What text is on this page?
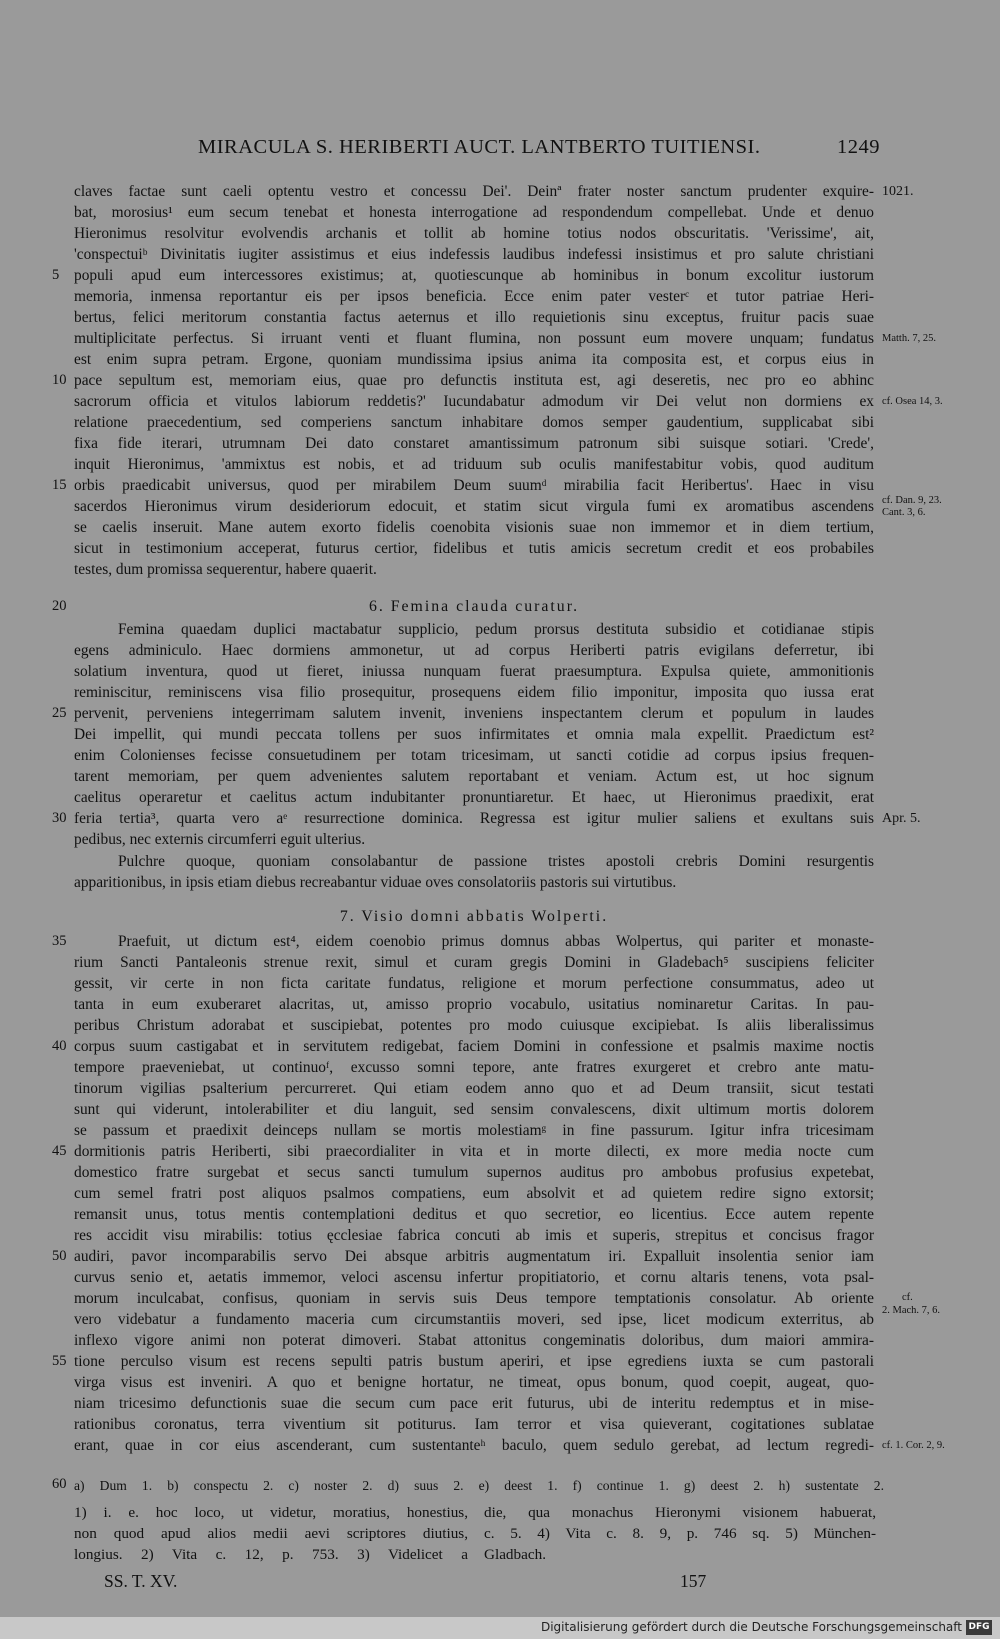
MIRACULA S. HERIBERTI AUCT. LANTBERTO TUITIENSI.	1249
claves factae sunt caeli optentu vestro et concessu Dei'. Deinª frater noster sanctum prudenter exquire-
bat, morosius¹ eum secum tenebat et honesta interrogatione ad respondendum compellebat. Unde et denuo
Hieronimus resolvitur evolvendis archanis et tollit ab homine totius nodos obscuritatis. 'Verissime', ait,
'conspectuiᵇ Divinitatis iugiter assistimus et eius indefessis laudibus indefessi insistimus et pro salute christiani
populi apud eum intercessores existimus; at, quotiescunque ab hominibus in bonum excolitur iustorum
memoria, inmensa reportantur eis per ipsos beneficia. Ecce enim pater vesterᶜ et tutor patriae Heri-
bertus, felici meritorum constantia factus aeternus et illo requietionis sinu exceptus, fruitur pacis suae
multiplicitate perfectus. Si irruant venti et fluant flumina, non possunt eum movere unquam; fundatus
est enim supra petram. Ergone, quoniam mundissima ipsius anima ita composita est, et corpus eius in
pace sepultum est, memoriam eius, quae pro defunctis instituta est, agi deseretis, nec pro eo abhinc
sacrorum officia et vitulos labiorum reddetis?' Iucundabatur admodum vir Dei velut non dormiens ex
relatione praecedentium, sed comperiens sanctum inhabitare domos semper gaudentium, supplicabat sibi
fixa fide iterari, utrumnam Dei dato constaret amantissimum patronum sibi suisque sotiari. 'Crede',
inquit Hieronimus, 'ammixtus est nobis, et ad triduum sub oculis manifestabitur vobis, quod auditum
orbis praedicabit universus, quod per mirabilem Deum suumᵈ mirabilia facit Heribertus'. Haec in visu
sacerdos Hieronimus virum desideriorum edocuit, et statim sicut virgula fumi ex aromatibus ascendens
se caelis inseruit. Mane autem exorto fidelis coenobita visionis suae non immemor et in diem tertium,
sicut in testimonium acceperat, futurus certior, fidelibus et tutis amicis secretum credit et eos probabiles
testes, dum promissa sequerentur, habere quaerit.
6. Femina clauda curatur.
Femina quaedam duplici mactabatur supplicio, pedum prorsus destituta subsidio et cotidianae stipis
egens adminiculo. Haec dormiens ammonetur, ut ad corpus Heriberti patris evigilans deferretur, ibi
solatium inventura, quod ut fieret, iniussa nunquam fuerat praesumptura. Expulsa quiete, ammonitionis
reminiscitur, reminiscens visa filio prosequitur, prosequens eidem filio imponitur, imposita quo iussa erat
pervenit, perveniens integerrimam salutem invenit, inveniens inspectantem clerum et populum in laudes
Dei impellit, qui mundi peccata tollens per suos infirmitates et omnia mala expellit. Praedictum est²
enim Colonienses fecisse consuetudinem per totam tricesimam, ut sancti cotidie ad corpus ipsius frequen-
tarent memoriam, per quem advenientes salutem reportabant et veniam. Actum est, ut hoc signum
caelitus operaretur et caelitus actum indubitanter pronuntiaretur. Et haec, ut Hieronimus praedixit, erat
feria tertia³, quarta vero aᵉ resurrectione dominica. Regressa est igitur mulier saliens et exultans suis
pedibus, nec externis circumferri eguit ulterius.
Pulchre quoque, quoniam consolabantur de passione tristes apostoli crebris Domini resurgentis
apparitionibus, in ipsis etiam diebus recreabantur viduae oves consolatoriis pastoris sui virtutibus.
7. Visio domni abbatis Wolperti.
Praefuit, ut dictum est⁴, eidem coenobio primus domnus abbas Wolpertus, qui pariter et monaste-
rium Sancti Pantaleonis strenue rexit, simul et curam gregis Domini in Gladebach⁵ suscipiens feliciter
gessit, vir certe in non ficta caritate fundatus, religione et morum perfectione consummatus, adeo ut
tanta in eum exuberaret alacritas, ut, amisso proprio vocabulo, usitatius nominaretur Caritas. In pau-
peribus Christum adorabat et suscipiebat, potentes pro modo cuiusque excipiebat. Is aliis liberalissimus
corpus suum castigabat et in servitutem redigebat, faciem Domini in confessione et psalmis maxime noctis
tempore praeveniebat, ut continuoᶠ, excusso somni tepore, ante fratres exurgeret et crebro ante matu-
tinorum vigilias psalterium percurreret. Qui etiam eodem anno quo et ad Deum transiit, sicut testati
sunt qui viderunt, intolerabiliter et diu languit, sed sensim convalescens, dixit ultimum mortis dolorem
se passum et praedixit deinceps nullam se mortis molestiamᵍ in fine passurum. Igitur infra tricesimam
dormitionis patris Heriberti, sibi praecordialiter in vita et in morte dilecti, ex more media nocte cum
domestico fratre surgebat et secus sancti tumulum supernos auditus pro ambobus profusius expetebat,
cum semel fratri post aliquos psalmos compatiens, eum absolvit et ad quietem redire signo extorsit;
remansit unus, totus mentis contemplationi deditus et quo secretior, eo licentius. Ecce autem repente
res accidit visu mirabilis: totius ęcclesiae fabrica concuti ab imis et superis, strepitus et concisus fragor
audiri, pavor incomparabilis servo Dei absque arbitris augmentatum iri. Expalluit insolentia senior iam
curvus senio et, aetatis immemor, veloci ascensu infertur propitiatorio, et cornu altaris tenens, vota psal-
morum inculcabat, confisus, quoniam in servis suis Deus tempore temptationis consolatur. Ab oriente
vero videbatur a fundamento maceria cum circumstantiis moveri, sed ipse, licet modicum exterritus, ab
inflexo vigore animi non poterat dimoveri. Stabat attonitus congeminatis doloribus, dum maiori ammira-
tione perculso visum est recens sepulti patris bustum aperiri, et ipse egrediens iuxta se cum pastorali
virga visus est inveniri. A quo et benigne hortatur, ne timeat, opus bonum, quod coepit, augeat, quo-
niam tricesimo defunctionis suae die secum cum pace erit futurus, ubi de interitu redemptus et in mise-
rationibus coronatus, terra viventium sit potiturus. Iam terror et visa quieverant, cogitationes sublatae
erant, quae in cor eius ascenderant, cum sustentanteʰ baculo, quem sedulo gerebat, ad lectum regredi-
5
10
15
20
25
30
35
40
45
50
55
60
1021.
Matth. 7, 25.
cf. Osea 14, 3.
cf. Dan. 9, 23.
Cant. 3, 6.
Apr. 5.
cf.
2. Mach. 7, 6.
cf. 1. Cor. 2, 9.
a) Dum 1. b) conspectu 2. c) noster 2. d) suus 2. e) deest 1. f) continue 1. g) deest 2. h) sustentate 2.
1) i. e. hoc loco, ut videtur, moratius, honestius,
non quod apud alios medii aevi scriptores diutius,
longius. 2) Vita c. 12, p. 753. 3) Videlicet a
die, qua monachus Hieronymi visionem habuerat,
c. 5. 4) Vita c. 8. 9, p. 746 sq. 5) München-
Gladbach.
SS. T. XV.	157
Digitalisierung gefördert durch die Deutsche Forschungsgemeinschaft DFG
